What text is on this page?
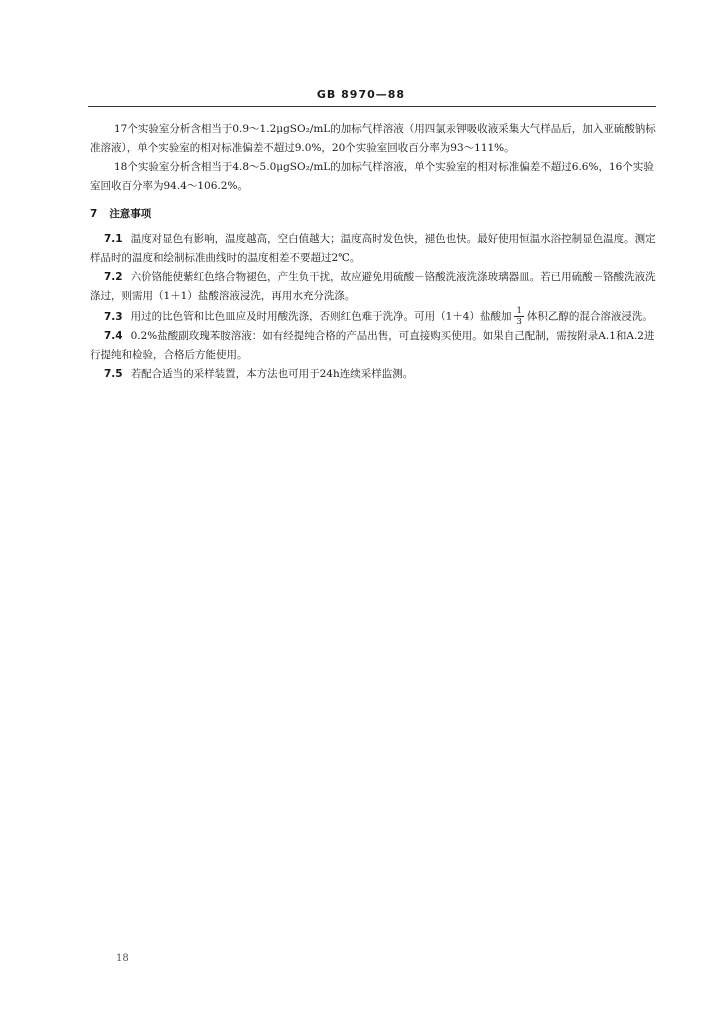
GB 8970—88

17个实验室分析含相当于0.9～1.2μgSO₂/mL的加标气样溶液（用四氯汞钾吸收液采集大气样品后，加入亚硫酸钠标准溶液），单个实验室的相对标准偏差不超过9.0%，20个实验室回收百分率为93～111%。

18个实验室分析含相当于4.8～5.0μgSO₂/mL的加标气样溶液，单个实验室的相对标准偏差不超过6.6%，16个实验室回收百分率为94.4～106.2%。

7 注意事项

7.1 温度对显色有影响，温度越高，空白值越大；温度高时发色快，褪色也快。最好使用恒温水浴控制显色温度。测定样品时的温度和绘制标准曲线时的温度相差不要超过2℃。

7.2 六价铬能使紫红色络合物褪色，产生负干扰，故应避免用硫酸－铬酸洗液洗涤玻璃器皿。若已用硫酸－铬酸洗液洗涤过，则需用（1＋1）盐酸溶液浸洗，再用水充分洗涤。

7.3 用过的比色管和比色皿应及时用酸洗涤，否则红色难于洗净。可用（1＋4）盐酸加 $\frac{1}{3}$ 体积乙醇的混合溶液浸洗。

7.4 0.2%盐酸副玫瑰苯胺溶液：如有经提纯合格的产品出售，可直接购买使用。如果自己配制，需按附录A.1和A.2进行提纯和检验，合格后方能使用。

7.5 若配合适当的采样装置，本方法也可用于24h连续采样监测。

18
